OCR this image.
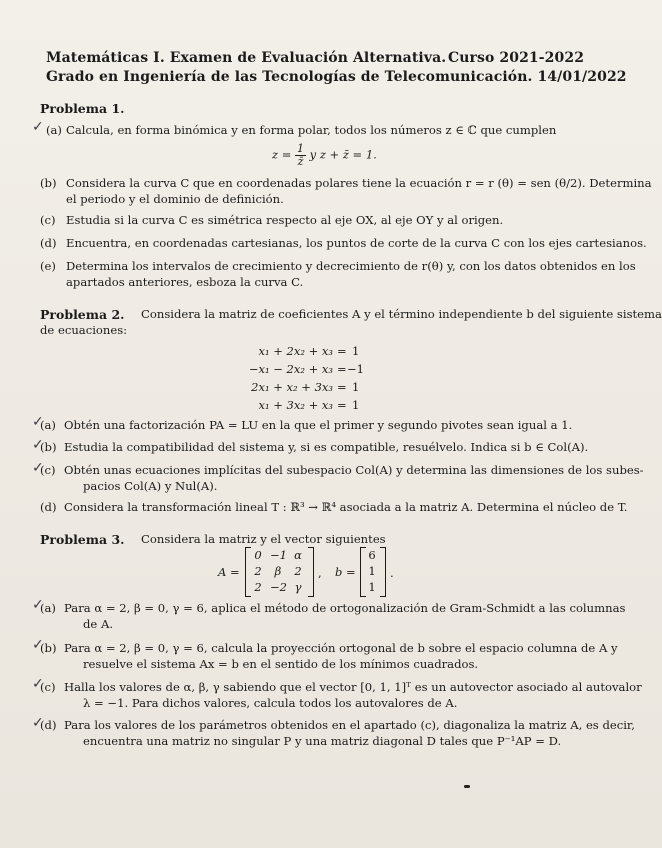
Matemáticas I. Examen de Evaluación Alternativa. Curso 2021-2022
Grado en Ingeniería de las Tecnologías de Telecomunicación. 14/01/2022
Problema 1.
✓ (a) Calcula, en forma binómica y en forma polar, todos los números z ∈ ℂ que cumplen
$z = \frac{1}{z̄}$ y z + z̄ = 1.
(b) Considera la curva C que en coordenadas polares tiene la ecuación r = r (θ) = sen (θ/2). Determina
el periodo y el dominio de definición.
(c) Estudia si la curva C es simétrica respecto al eje OX, al eje OY y al origen.
(d) Encuentra, en coordenadas cartesianas, los puntos de corte de la curva C con los ejes cartesianos.
(e) Determina los intervalos de crecimiento y decrecimiento de r(θ) y, con los datos obtenidos en los
apartados anteriores, esboza la curva C.
Problema 2. Considera la matriz de coeficientes A y el término independiente b del siguiente sistema
de ecuaciones:
x₁ + 2x₂ + x₃ = 1
−x₁ − 2x₂ + x₃ = −1
2x₁ + x₂ + 3x₃ = 1
x₁ + 3x₂ + x₃ = 1
✓
(a) Obtén una factorización PA = LU en la que el primer y segundo pivotes sean igual a 1.
✓
(b) Estudia la compatibilidad del sistema y, si es compatible, resuélvelo. Indica si b ∈ Col(A).
✓
(c) Obtén unas ecuaciones implícitas del subespacio Col(A) y determina las dimensiones de los subes-
pacios Col(A) y Nul(A).
(d) Considera la transformación lineal T : ℝ³ → ℝ⁴ asociada a la matriz A. Determina el núcleo de T.
Problema 3. Considera la matriz y el vector siguientes
A =
0 −1 α
2	β	2
2 −2 γ
, b =
6
1
1
.
✓
(a) Para α = 2, β = 0, γ = 6, aplica el método de ortogonalización de Gram-Schmidt a las columnas
de A.
✓
(b) Para α = 2, β = 0, γ = 6, calcula la proyección ortogonal de b sobre el espacio columna de A y
resuelve el sistema Ax = b en el sentido de los mínimos cuadrados.
✓
(c) Halla los valores de α, β, γ sabiendo que el vector [0, 1, 1]ᵀ es un autovector asociado al autovalor
λ = −1. Para dichos valores, calcula todos los autovalores de A.
✓
(d) Para los valores de los parámetros obtenidos en el apartado (c), diagonaliza la matriz A, es decir,
encuentra una matriz no singular P y una matriz diagonal D tales que P⁻¹AP = D.
